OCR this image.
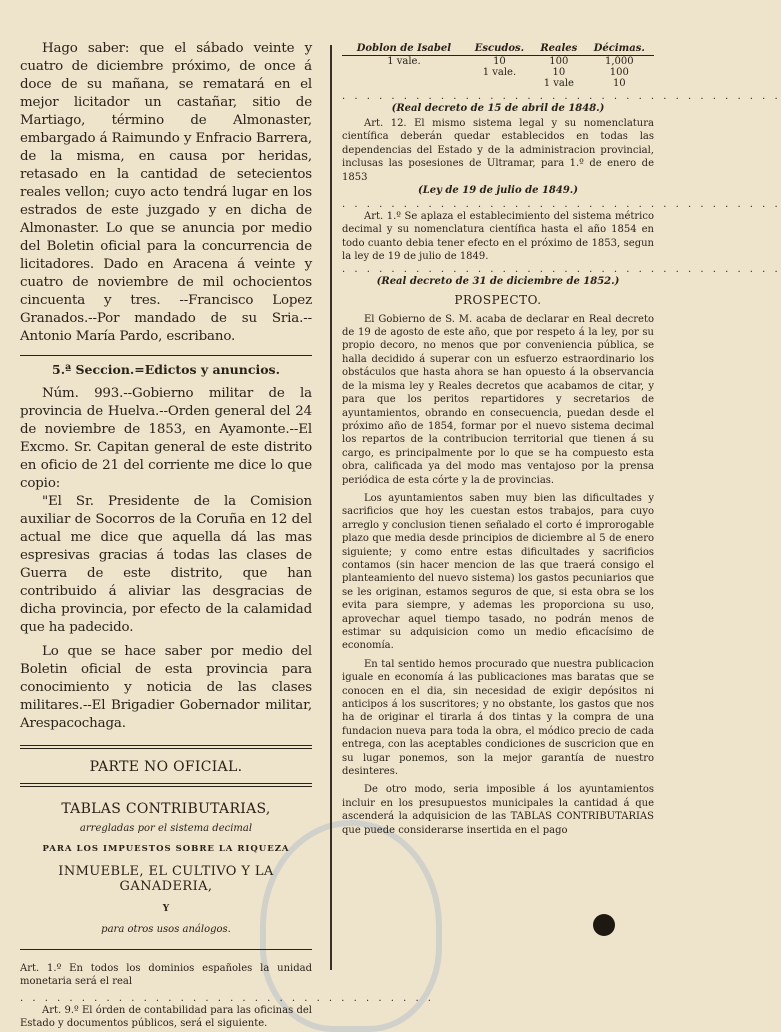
Hago saber: que el sábado veinte y cuatro de diciembre próximo, de once á doce de su mañana, se rematará en el mejor licitador un castañar, sitio de Martiago, término de Almonaster, embargado á Raimundo y Enfracio Barrera, de la misma, en causa por heridas, retasado en la cantidad de setecientos reales vellon; cuyo acto tendrá lugar en los estrados de este juzgado y en dicha de Almonaster. Lo que se anuncia por medio del Boletin oficial para la concurrencia de licitadores. Dado en Aracena á veinte y cuatro de noviembre de mil ochocientos cincuenta y tres. --Francisco Lopez Granados.--Por mandado de su Sria.--Antonio María Pardo, escribano.

5.ª Seccion.=Edictos y anuncios.

Núm. 993.--Gobierno militar de la provincia de Huelva.--Orden general del 24 de noviembre de 1853, en Ayamonte.--El Excmo. Sr. Capitan general de este distrito en oficio de 21 del corriente me dice lo que copio:

"El Sr. Presidente de la Comision auxiliar de Socorros de la Coruña en 12 del actual me dice que aquella dá las mas espresivas gracias á todas las clases de Guerra de este distrito, que han contribuido á aliviar las desgracias de dicha provincia, por efecto de la calamidad que ha padecido.

Lo que se hace saber por medio del Boletin oficial de esta provincia para conocimiento y noticia de las clases militares.--El Brigadier Gobernador militar, Arespacochaga.

PARTE NO OFICIAL.
TABLAS CONTRIBUTARIAS,
arregladas por el sistema decimal
PARA LOS IMPUESTOS SOBRE LA RIQUEZA
INMUEBLE, EL CULTIVO Y LA GANADERIA,
Y
para otros usos análogos.

Art. 1.º En todos los dominios españoles la unidad monetaria será el real

. . . . . . . . . . . . . . . . . . . . . . . . . . . . . . . . . .

Art. 9.º El órden de contabilidad para las oficinas del Estado y documentos públicos, será el siguiente.

Doblon de Isabel	Escudos.	Reales	Décimas.
1 vale.	10	100	1,000
	1 vale.	10	100
		1 vale	10
. . . . . . . . . . . . . . . . . . . . . . . . . . . . . . . . . . . .
(Real decreto de 15 de abril de 1848.)

Art. 12. El mismo sistema legal y su nomenclatura científica deberán quedar establecidos en todas las dependencias del Estado y de la administracion provincial, inclusas las posesiones de Ultramar, para 1.º de enero de 1853

(Ley de 19 de julio de 1849.)
. . . . . . . . . . . . . . . . . . . . . . . . . . . . . . . . . . . .

Art. 1.º Se aplaza el establecimiento del sistema métrico decimal y su nomenclatura científica hasta el año 1854 en todo cuanto debia tener efecto en el próximo de 1853, segun la ley de 19 de julio de 1849.

. . . . . . . . . . . . . . . . . . . . . . . . . . . . . . . . . . . .
(Real decreto de 31 de diciembre de 1852.)
PROSPECTO.

El Gobierno de S. M. acaba de declarar en Real decreto de 19 de agosto de este año, que por respeto á la ley, por su propio decoro, no menos que por conveniencia pública, se halla decidido á superar con un esfuerzo estraordinario los obstáculos que hasta ahora se han opuesto á la observancia de la misma ley y Reales decretos que acabamos de citar, y para que los peritos repartidores y secretarios de ayuntamientos, obrando en consecuencia, puedan desde el próximo año de 1854, formar por el nuevo sistema decimal los repartos de la contribucion territorial que tienen á su cargo, es principalmente por lo que se ha compuesto esta obra, calificada ya del modo mas ventajoso por la prensa periódica de esta córte y la de provincias.

Los ayuntamientos saben muy bien las dificultades y sacrificios que hoy les cuestan estos trabajos, para cuyo arreglo y conclusion tienen señalado el corto é improrogable plazo que media desde principios de diciembre al 5 de enero siguiente; y como entre estas dificultades y sacrificios contamos (sin hacer mencion de las que traerá consigo el planteamiento del nuevo sistema) los gastos pecuniarios que se les originan, estamos seguros de que, si esta obra se los evita para siempre, y ademas les proporciona su uso, aprovechar aquel tiempo tasado, no podrán menos de estimar su adquisicion como un medio eficacísimo de economía.

En tal sentido hemos procurado que nuestra publicacion iguale en economía á las publicaciones mas baratas que se conocen en el dia, sin necesidad de exigir depósitos ni anticipos á los suscritores; y no obstante, los gastos que nos ha de originar el tirarla á dos tintas y la compra de una fundacion nueva para toda la obra, el módico precio de cada entrega, con las aceptables condiciones de suscricion que en su lugar ponemos, son la mejor garantía de nuestro desinteres.

De otro modo, seria imposible á los ayuntamientos incluir en los presupuestos municipales la cantidad á que ascenderá la adquisicion de las TABLAS CONTRIBUTARIAS que puede considerarse insertida en el pago
